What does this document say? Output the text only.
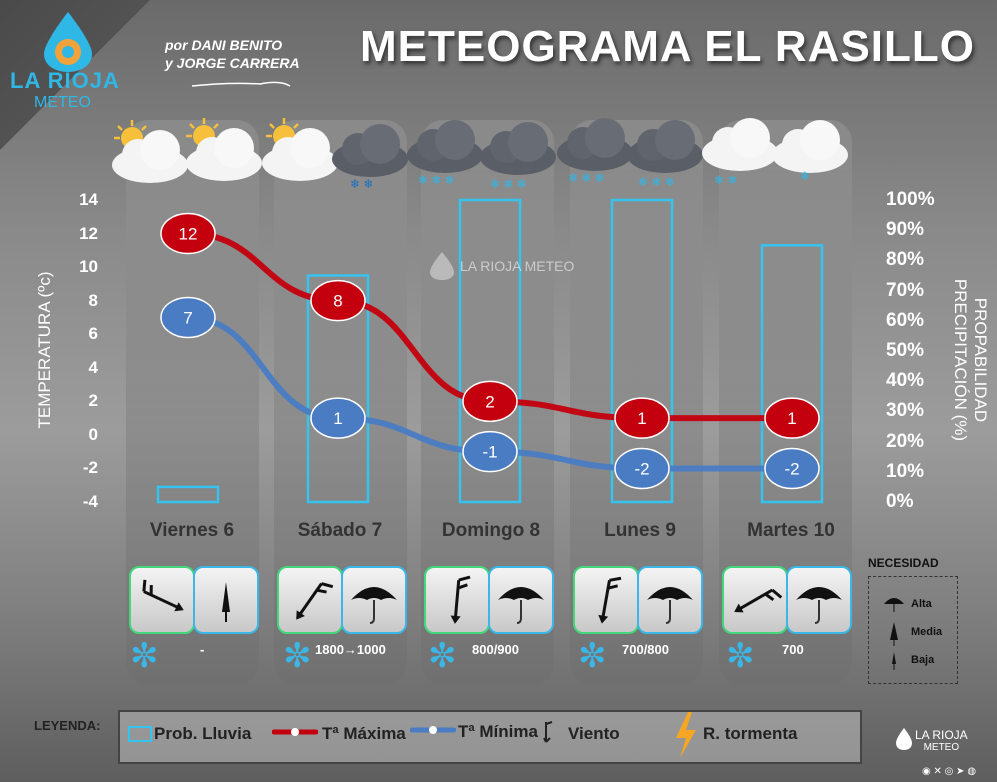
LA RIOJA
METEO
por DANI BENITO
y JORGE CARRERA METEOGRAMA EL RASILLO
❄ ❄	❄ ❄ ❄	❄ ❄ ❄	❄ ❄ ❄	❄ ❄ ❄	❄ ❄	❄
7
1
-1
-2	-2
12
8
2
1	1
LA RIOJA METEO
14
12
10
8
6
4
2
0
-2
-4
100%
90%
80%
70%
60%
50%
40%
30%
20%
10%
0%
TEMPERATURA (ºc)	PROPABILIDAD PRECIPITACIÓN (%)
Viernes 6	Sábado 7	Domingo 8	Lunes 9	Martes 10
✼	- ✼ 1800→1000 ✼ 800/900 ✼ 700/800 ✼ 700
NECESIDAD
Alta
Media
Baja
LEYENDA:	Prob. Lluvia	Tª Máxima	Tª Mínima Viento	R. tormenta	LA RIOJA
METEO
◉ ✕ ◎ ➤ ◍
